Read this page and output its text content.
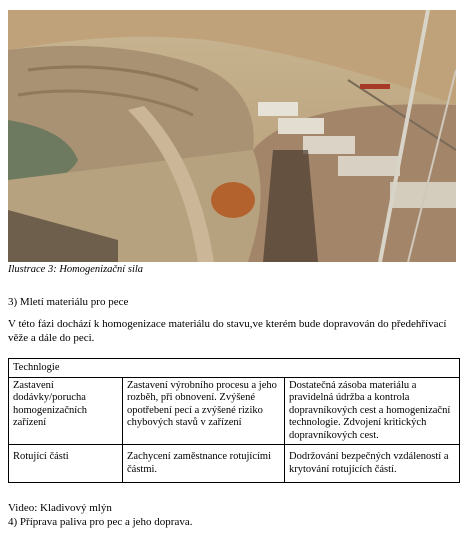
Ilustrace 3: Homogenizační sila
3) Mletí materiálu pro pece
V této fázi dochází k homogenizace materiálu do stavu,ve kterém bude dopravován do předehřívací věže a dále do peci.
Technlogie		
Zastavení dodávky/porucha homogenizačních zařízení	Zastavení výrobního procesu a jeho rozběh, při obnovení. Zvýšené opotřebení pecí a zvýšené riziko chybových stavů v zařízení	Dostatečná zásoba materiálu a pravidelná údržba a kontrola dopravníkových cest a homogenizační technologie. Zdvojení kritických dopravníkových cest.
Rotující části	Zachycení zaměstnance rotujícími částmi.	Dodržování bezpečných vzdáleností a krytování rotujících částí.
Video: Kladivový mlýn
4) Příprava paliva pro pec a jeho doprava.
